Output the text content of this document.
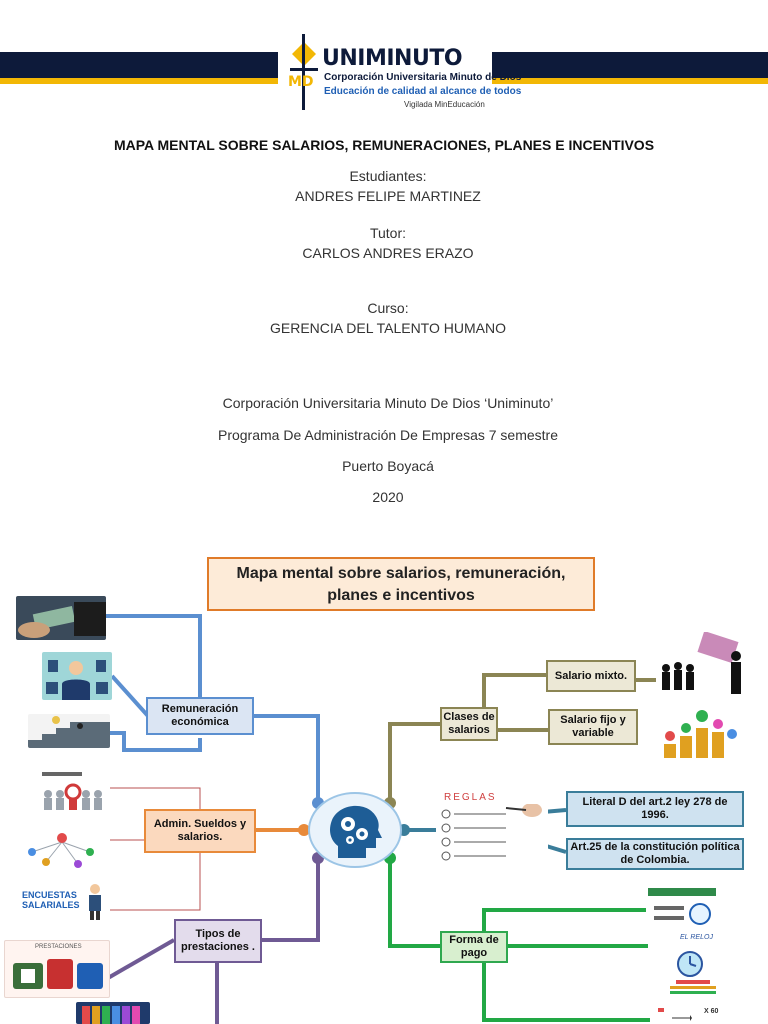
MD
UNIMINUTO
Corporación Universitaria Minuto de Dios
Educación de calidad al alcance de todos
Vigilada MinEducación
MAPA MENTAL SOBRE SALARIOS, REMUNERACIONES, PLANES E INCENTIVOS
Estudiantes:
ANDRES FELIPE MARTINEZ
Tutor:
CARLOS ANDRES ERAZO
Curso:
GERENCIA DEL TALENTO HUMANO
Corporación Universitaria Minuto De Dios ‘Uniminuto’
Programa De Administración De Empresas 7 semestre
Puerto Boyacá
2020
Mapa mental sobre salarios, remuneración, planes e incentivos
Remuneración económica
Admin. Sueldos y salarios.
Tipos de prestaciones .
Clases de salarios
Salario mixto.
Salario fijo y variable
Literal D del art.2 ley 278 de 1996.
Art.25 de la constitución política de Colombia.
Forma de pago
ENCUESTAS SALARIALES
PRESTACIONES
REGLAS
EL RELOJ
X 60
